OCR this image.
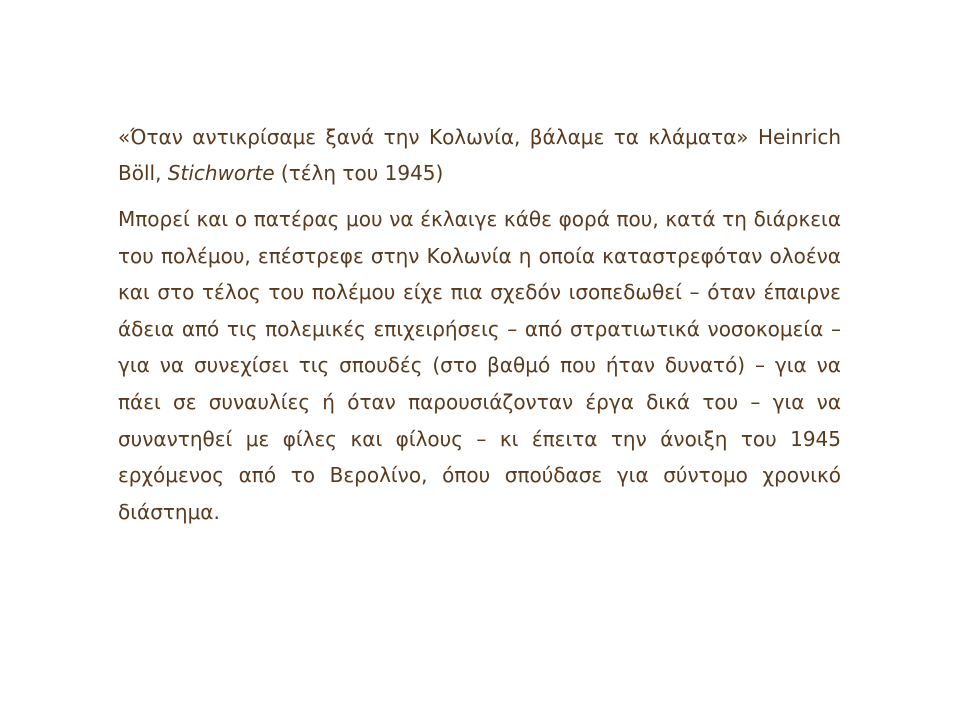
«Όταν αντικρίσαμε ξανά την Κολωνία, βάλαμε τα κλάματα» Heinrich Böll, Stichworte (τέλη του 1945)

Μπορεί και ο πατέρας μου να έκλαιγε κάθε φορά που, κατά τη διάρκεια του πολέμου, επέστρεφε στην Κολωνία η οποία καταστρεφόταν ολοένα και στο τέλος του πολέμου είχε πια σχεδόν ισοπεδωθεί – όταν έπαιρνε άδεια από τις πολεμικές επιχειρήσεις – από στρατιωτικά νοσοκομεία – για να συνεχίσει τις σπουδές (στο βαθμό που ήταν δυνατό) – για να πάει σε συναυλίες ή όταν παρουσιάζονταν έργα δικά του – για να συναντηθεί με φίλες και φίλους – κι έπειτα την άνοιξη του 1945 ερχόμενος από το Βερολίνο, όπου σπούδασε για σύντομο χρονικό διάστημα.
